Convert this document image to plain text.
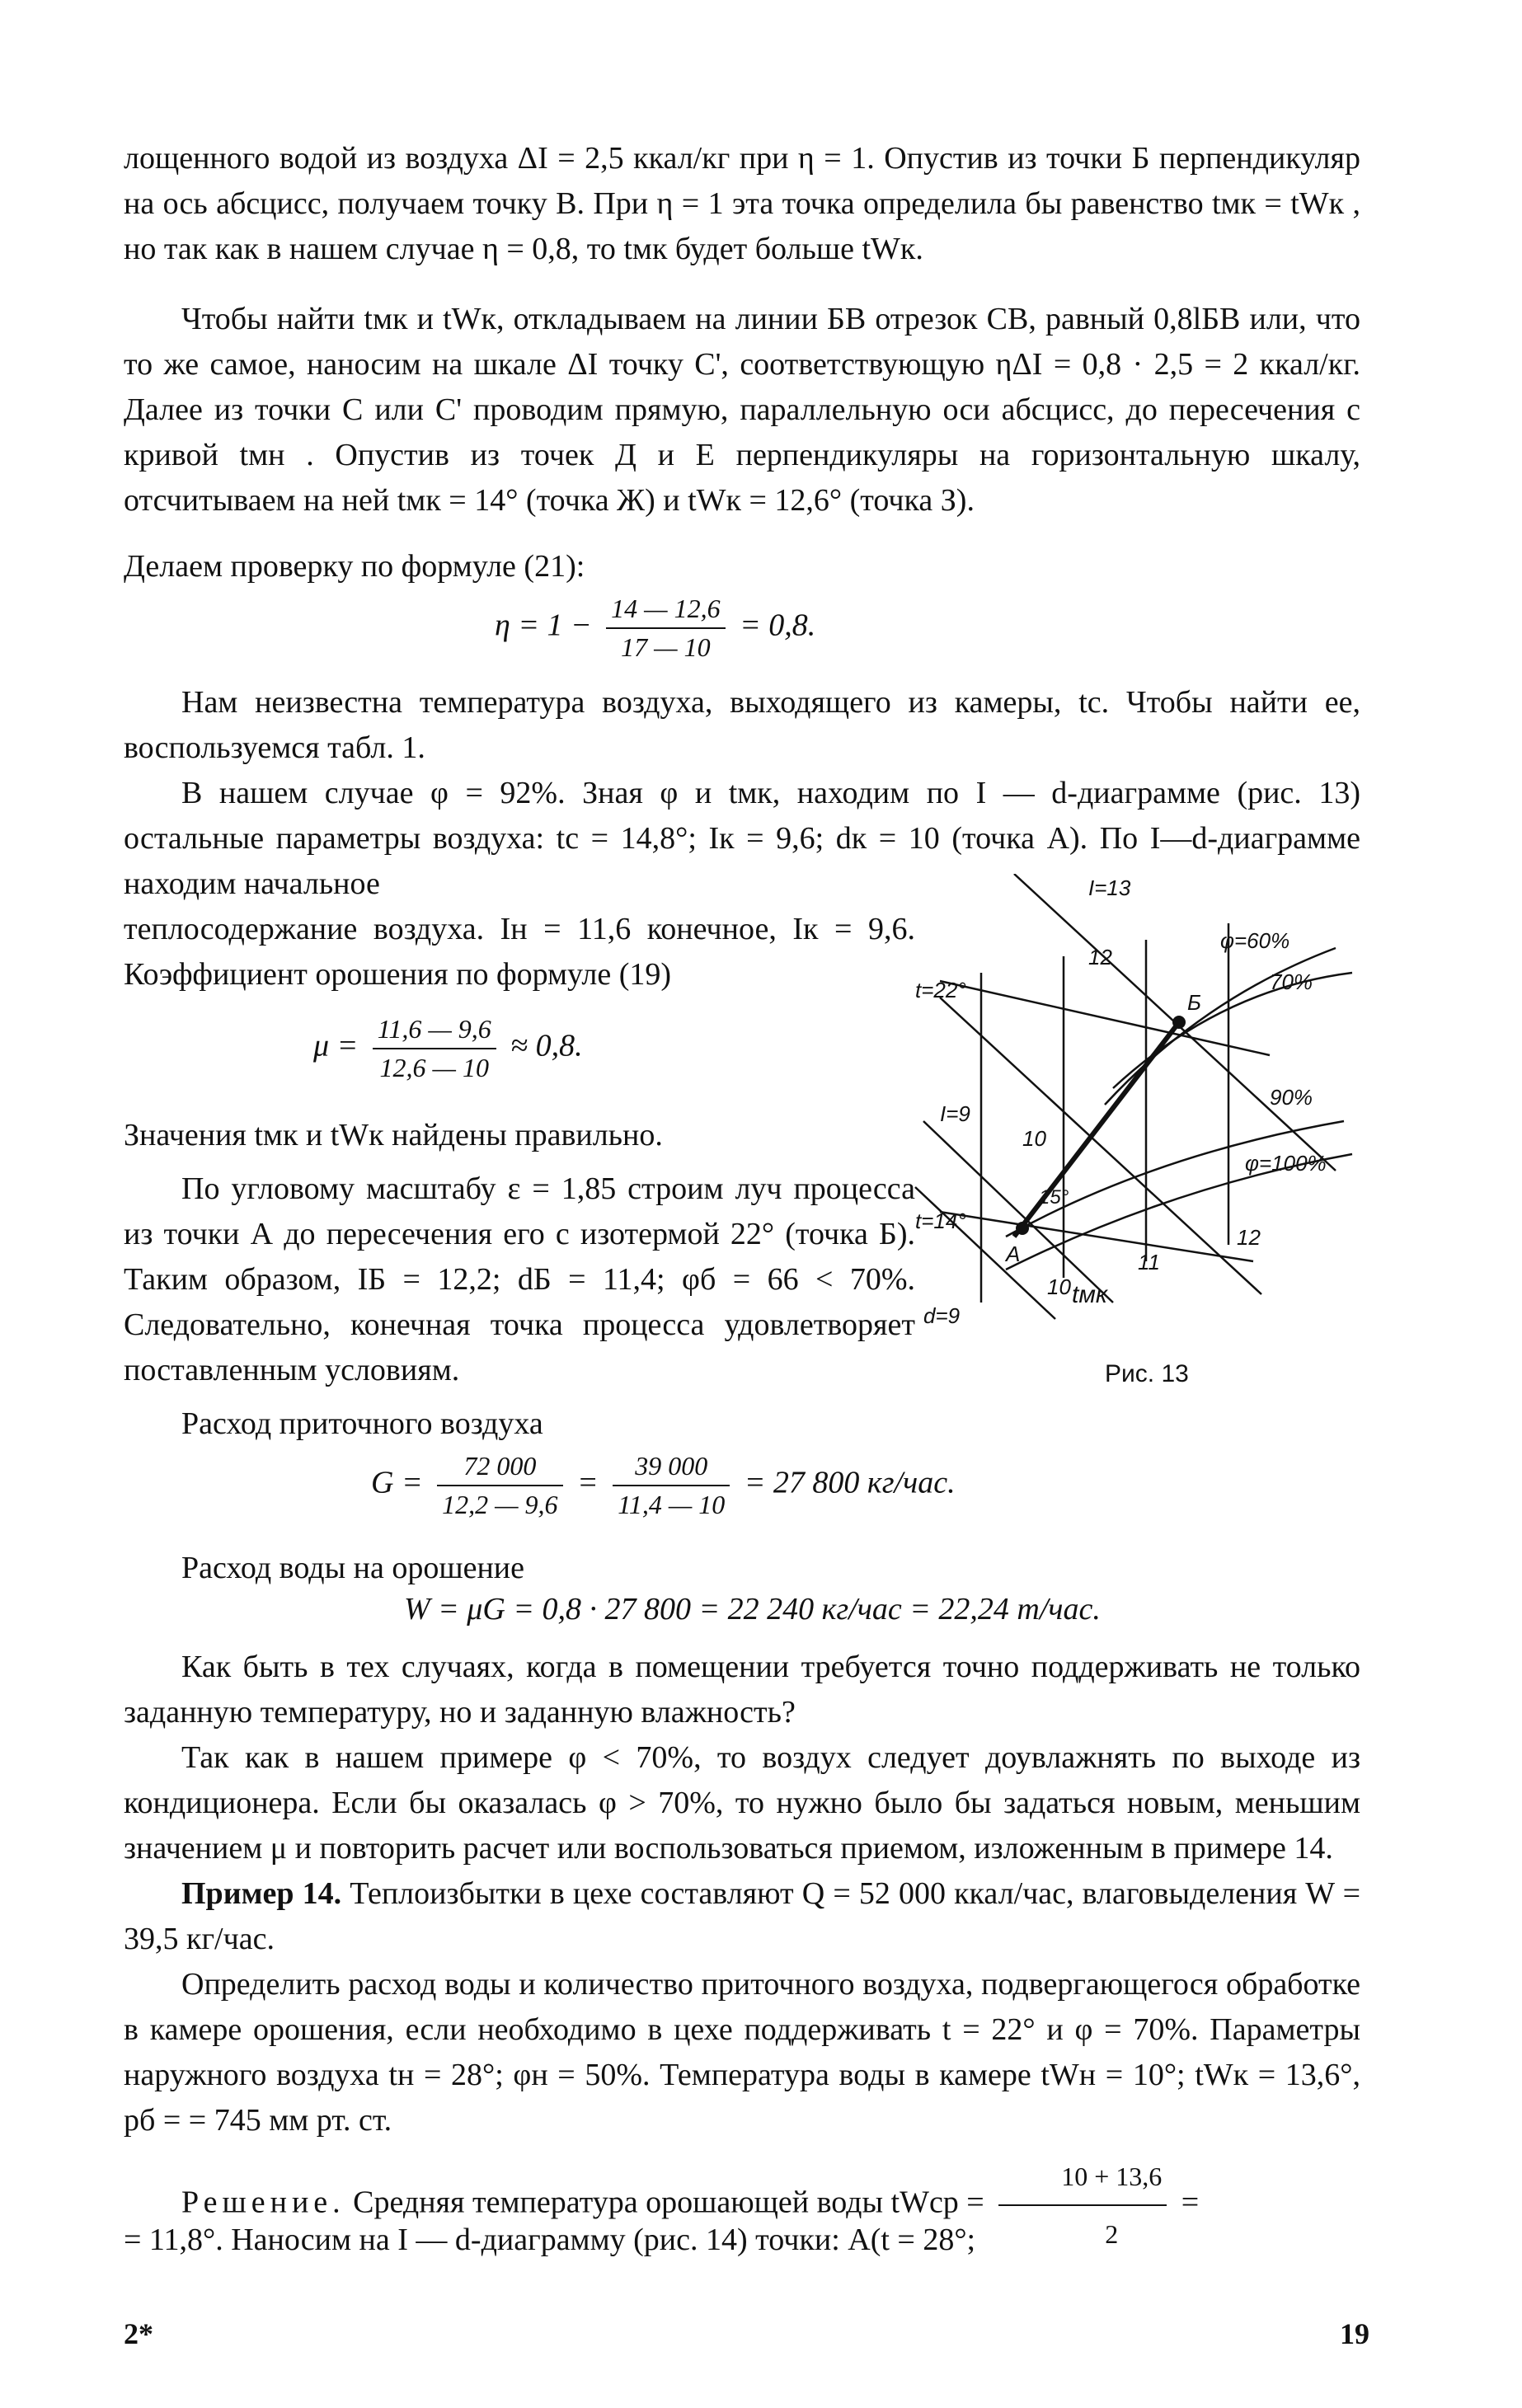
лощенного водой из воздуха ΔI = 2,5 ккал/кг при η = 1. Опустив из точки Б перпендикуляр на ось абсцисс, получаем точку В. При η = 1 эта точка определила бы равенство tмк = tWк , но так как в нашем случае η = 0,8, то tмк будет больше tWк.

Чтобы найти tмк и tWк, откладываем на линии БВ отрезок СВ, равный 0,8lБВ или, что то же самое, наносим на шкале ΔI точку С', соответствующую ηΔI = 0,8 · 2,5 = 2 ккал/кг. Далее из точки С или С' проводим прямую, параллельную оси абсцисс, до пересечения с кривой tмн . Опустив из точек Д и Е перпендикуляры на горизонтальную шкалу, отсчитываем на ней tмк = 14° (точка Ж) и tWк = 12,6° (точка З).

Делаем проверку по формуле (21):

$\eta = 1 - \frac{14 — 12,6}{17 — 10} = 0,8$.

Нам неизвестна температура воздуха, выходящего из камеры, tc. Чтобы найти ее, воспользуемся табл. 1.

В нашем случае φ = 92%. Зная φ и tмк, находим по I — d-диаграмме (рис. 13) остальные параметры воздуха: tc = 14,8°; Iк = 9,6; dк = 10 (точка А). По I—d-диаграмме находим начальное

теплосодержание воздуха. Iн = 11,6 конечное, Iк = 9,6. Коэффициент орошения по формуле (19)

$\mu = \frac{11,6 — 9,6}{12,6 — 10} \approx 0,8$.

Значения tмк и tWк найдены правильно.

По угловому масштабу ε = 1,85 строим луч процесса из точки А до пересечения его с изотермой 22° (точка Б). Таким образом, IБ = 12,2; dБ = 11,4; φб = 66 < 70%. Следовательно, конечная точка процесса удовлетворяет поставленным условиям.

I=13
12
10
I=9
t=22°
t=14°
15°
φ=60%
70%
90%
φ=100%
Б
A
d=9
10
11
12
tмк
Рис. 13

Расход приточного воздуха

$G = \frac{72 000}{12,2 — 9,6} = \frac{39 000}{11,4 — 10} = 27$ 800 кг/час.

Расход воды на орошение

W = μG = 0,8 · 27 800 = 22 240 кг/час = 22,24 т/час.

Как быть в тех случаях, когда в помещении требуется точно поддерживать не только заданную температуру, но и заданную влажность?

Так как в нашем примере φ < 70%, то воздух следует доувлажнять по выходе из кондиционера. Если бы оказалась φ > 70%, то нужно было бы задаться новым, меньшим значением μ и повторить расчет или воспользоваться приемом, изложенным в примере 14.

Пример 14. Теплоизбытки в цехе составляют Q = 52 000 ккал/час, влаговыделения W = 39,5 кг/час.

Определить расход воды и количество приточного воздуха, подвергающегося обработке в камере орошения, если необходимо в цехе поддерживать t = 22° и φ = 70%. Параметры наружного воздуха tн = 28°; φн = 50%. Температура воды в камере tWн = 10°; tWк = 13,6°, pб = = 745 мм рт. ст.

Решение. Средняя температура орошающей воды tWср = $\frac{10 + 13,6}{2}$ =

= 11,8°. Наносим на I — d-диаграмму (рис. 14) точки: A(t = 28°;

2*	19
